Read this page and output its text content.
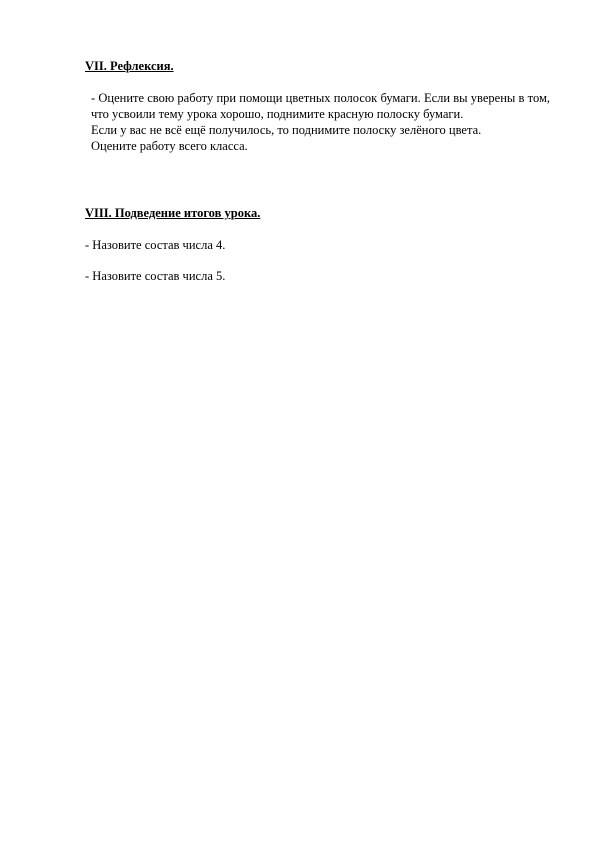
VII. Рефлексия.

- Оцените свою работу при помощи цветных полосок бумаги. Если вы уверены в том, что усвоили тему урока хорошо, поднимите красную полоску бумаги.

Если у вас не всё ещё получилось, то поднимите полоску зелёного цвета.

Оцените работу всего класса.

VIII. Подведение итогов урока.
- Назовите состав числа 4.
- Назовите состав числа 5.
